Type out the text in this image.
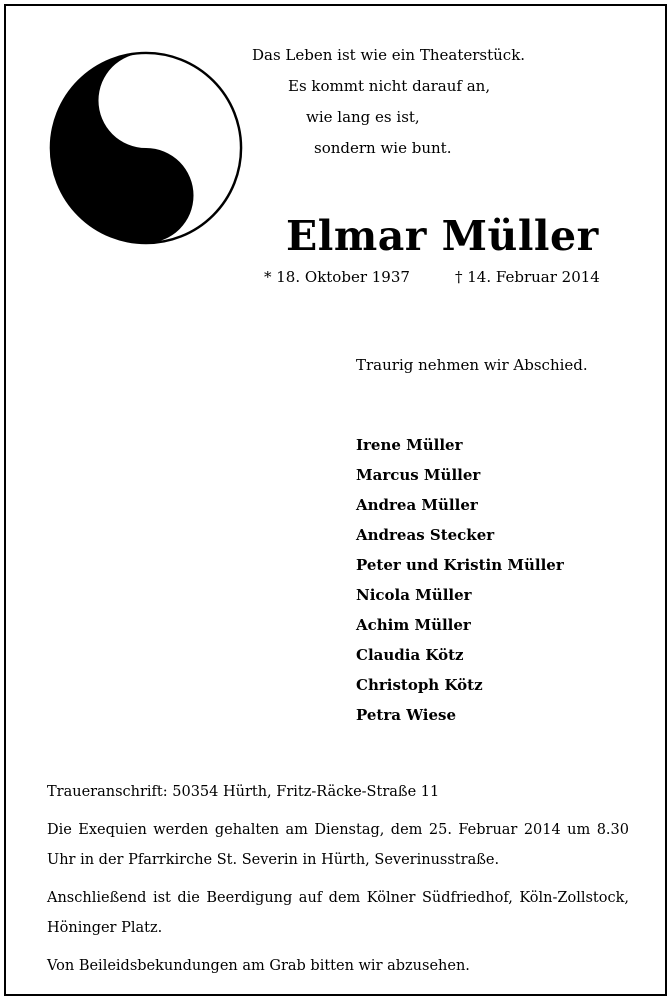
Das Leben ist wie ein Theaterstück.
Es kommt nicht darauf an,
wie lang es ist,
sondern wie bunt.
Elmar Müller
* 18. Oktober 1937	† 14. Februar 2014
Traurig nehmen wir Abschied.
Irene Müller
Marcus Müller
Andrea Müller
Andreas Stecker
Peter und Kristin Müller
Nicola Müller
Achim Müller
Claudia Kötz
Christoph Kötz
Petra Wiese

Traueranschrift: 50354 Hürth, Fritz-Räcke-Straße 11

Die Exequien werden gehalten am Dienstag, dem 25. Februar 2014 um 8.30 Uhr in der Pfarrkirche St. Severin in Hürth, Severinusstraße.

Anschließend ist die Beerdigung auf dem Kölner Südfriedhof, Köln-Zollstock, Höninger Platz.

Von Beileidsbekundungen am Grab bitten wir abzusehen.
